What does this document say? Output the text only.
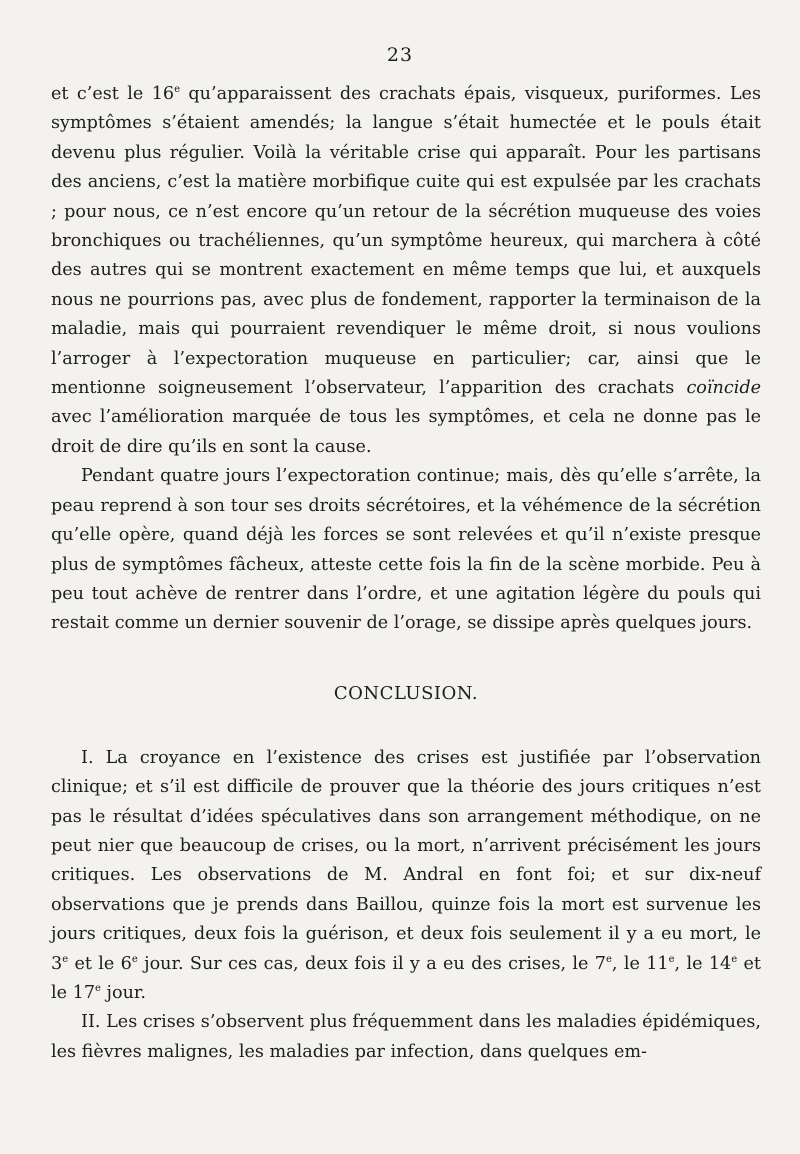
23

et c’est le 16e qu’apparaissent des crachats épais, visqueux, puriformes. Les symptômes s’étaient amendés; la langue s’était humectée et le pouls était devenu plus régulier. Voilà la véritable crise qui apparaît. Pour les partisans des anciens, c’est la matière morbifique cuite qui est expulsée par les crachats ; pour nous, ce n’est encore qu’un retour de la sécrétion muqueuse des voies bronchiques ou trachéliennes, qu’un symptôme heureux, qui marchera à côté des autres qui se montrent exactement en même temps que lui, et auxquels nous ne pourrions pas, avec plus de fondement, rapporter la terminaison de la maladie, mais qui pourraient revendiquer le même droit, si nous voulions l’arroger à l’expectoration muqueuse en particulier; car, ainsi que le mentionne soigneusement l’observateur, l’apparition des crachats coïncide avec l’amélioration marquée de tous les symptômes, et cela ne donne pas le droit de dire qu’ils en sont la cause.

Pendant quatre jours l’expectoration continue; mais, dès qu’elle s’arrête, la peau reprend à son tour ses droits sécrétoires, et la véhémence de la sécrétion qu’elle opère, quand déjà les forces se sont relevées et qu’il n’existe presque plus de symptômes fâcheux, atteste cette fois la fin de la scène morbide. Peu à peu tout achève de rentrer dans l’ordre, et une agitation légère du pouls qui restait comme un dernier souvenir de l’orage, se dissipe après quelques jours.

CONCLUSION.

I. La croyance en l’existence des crises est justifiée par l’observation clinique; et s’il est difficile de prouver que la théorie des jours critiques n’est pas le résultat d’idées spéculatives dans son arrangement méthodique, on ne peut nier que beaucoup de crises, ou la mort, n’arrivent précisément les jours critiques. Les observations de M. Andral en font foi; et sur dix-neuf observations que je prends dans Baillou, quinze fois la mort est survenue les jours critiques, deux fois la guérison, et deux fois seulement il y a eu mort, le 3e et le 6e jour. Sur ces cas, deux fois il y a eu des crises, le 7e, le 11e, le 14e et le 17e jour.

II. Les crises s’observent plus fréquemment dans les maladies épidémiques, les fièvres malignes, les maladies par infection, dans quelques em-
